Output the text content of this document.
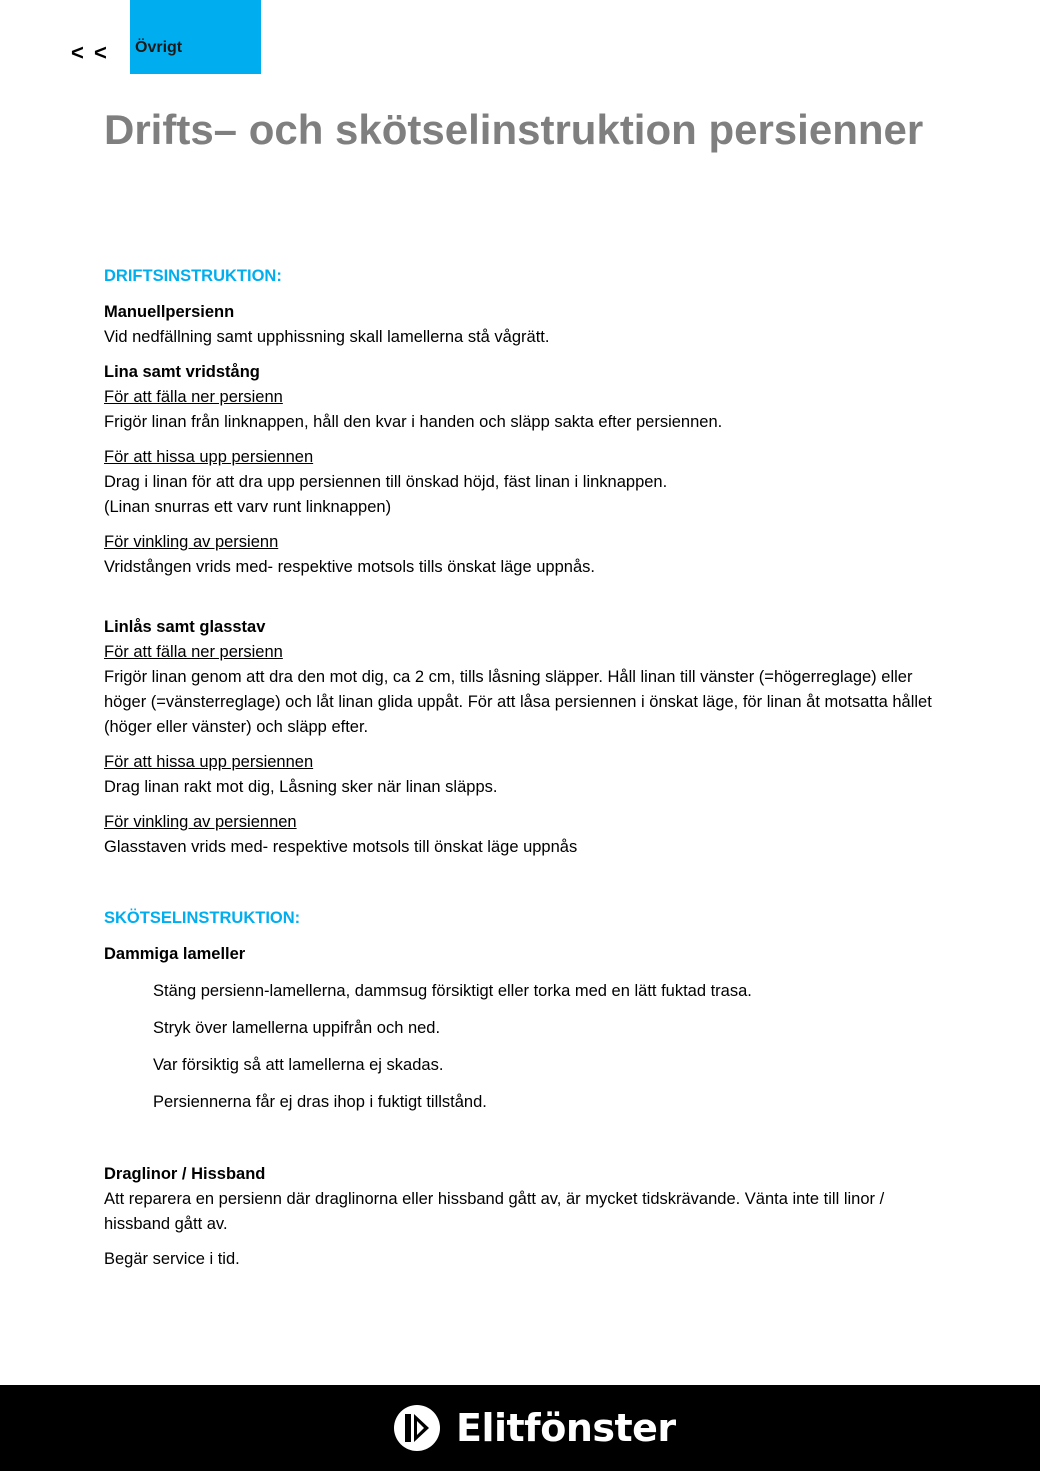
< < Övrigt
Drifts– och skötselinstruktion persienner

DRIFTSINSTRUKTION:

Manuellpersienn

Vid nedfällning samt upphissning skall lamellerna stå vågrätt.

Lina samt vridstång

För att fälla ner persienn

Frigör linan från linknappen, håll den kvar i handen och släpp sakta efter persiennen.

För att hissa upp persiennen

Drag i linan för att dra upp persiennen till önskad höjd, fäst linan i linknappen.

(Linan snurras ett varv runt linknappen)

För vinkling av persienn

Vridstången vrids med- respektive motsols tills önskat läge uppnås.

Linlås samt glasstav

För att fälla ner persienn

Frigör linan genom att dra den mot dig, ca 2 cm, tills låsning släpper. Håll linan till vänster (=högerreglage) eller höger (=vänsterreglage) och låt linan glida uppåt. För att låsa persiennen i önskat läge, för linan åt motsatta hållet (höger eller vänster) och släpp efter.

För att hissa upp persiennen

Drag linan rakt mot dig, Låsning sker när linan släpps.

För vinkling av persiennen

Glasstaven vrids med- respektive motsols till önskat läge uppnås

SKÖTSELINSTRUKTION:

Dammiga lameller

Stäng persienn-lamellerna, dammsug försiktigt eller torka med en lätt fuktad trasa.
Stryk över lamellerna uppifrån och ned.
Var försiktig så att lamellerna ej skadas.
Persiennerna får ej dras ihop i fuktigt tillstånd.

Draglinor / Hissband

Att reparera en persienn där draglinorna eller hissband gått av, är mycket tidskrävande. Vänta inte till linor / hissband gått av.

Begär service i tid.

Elitfönster
